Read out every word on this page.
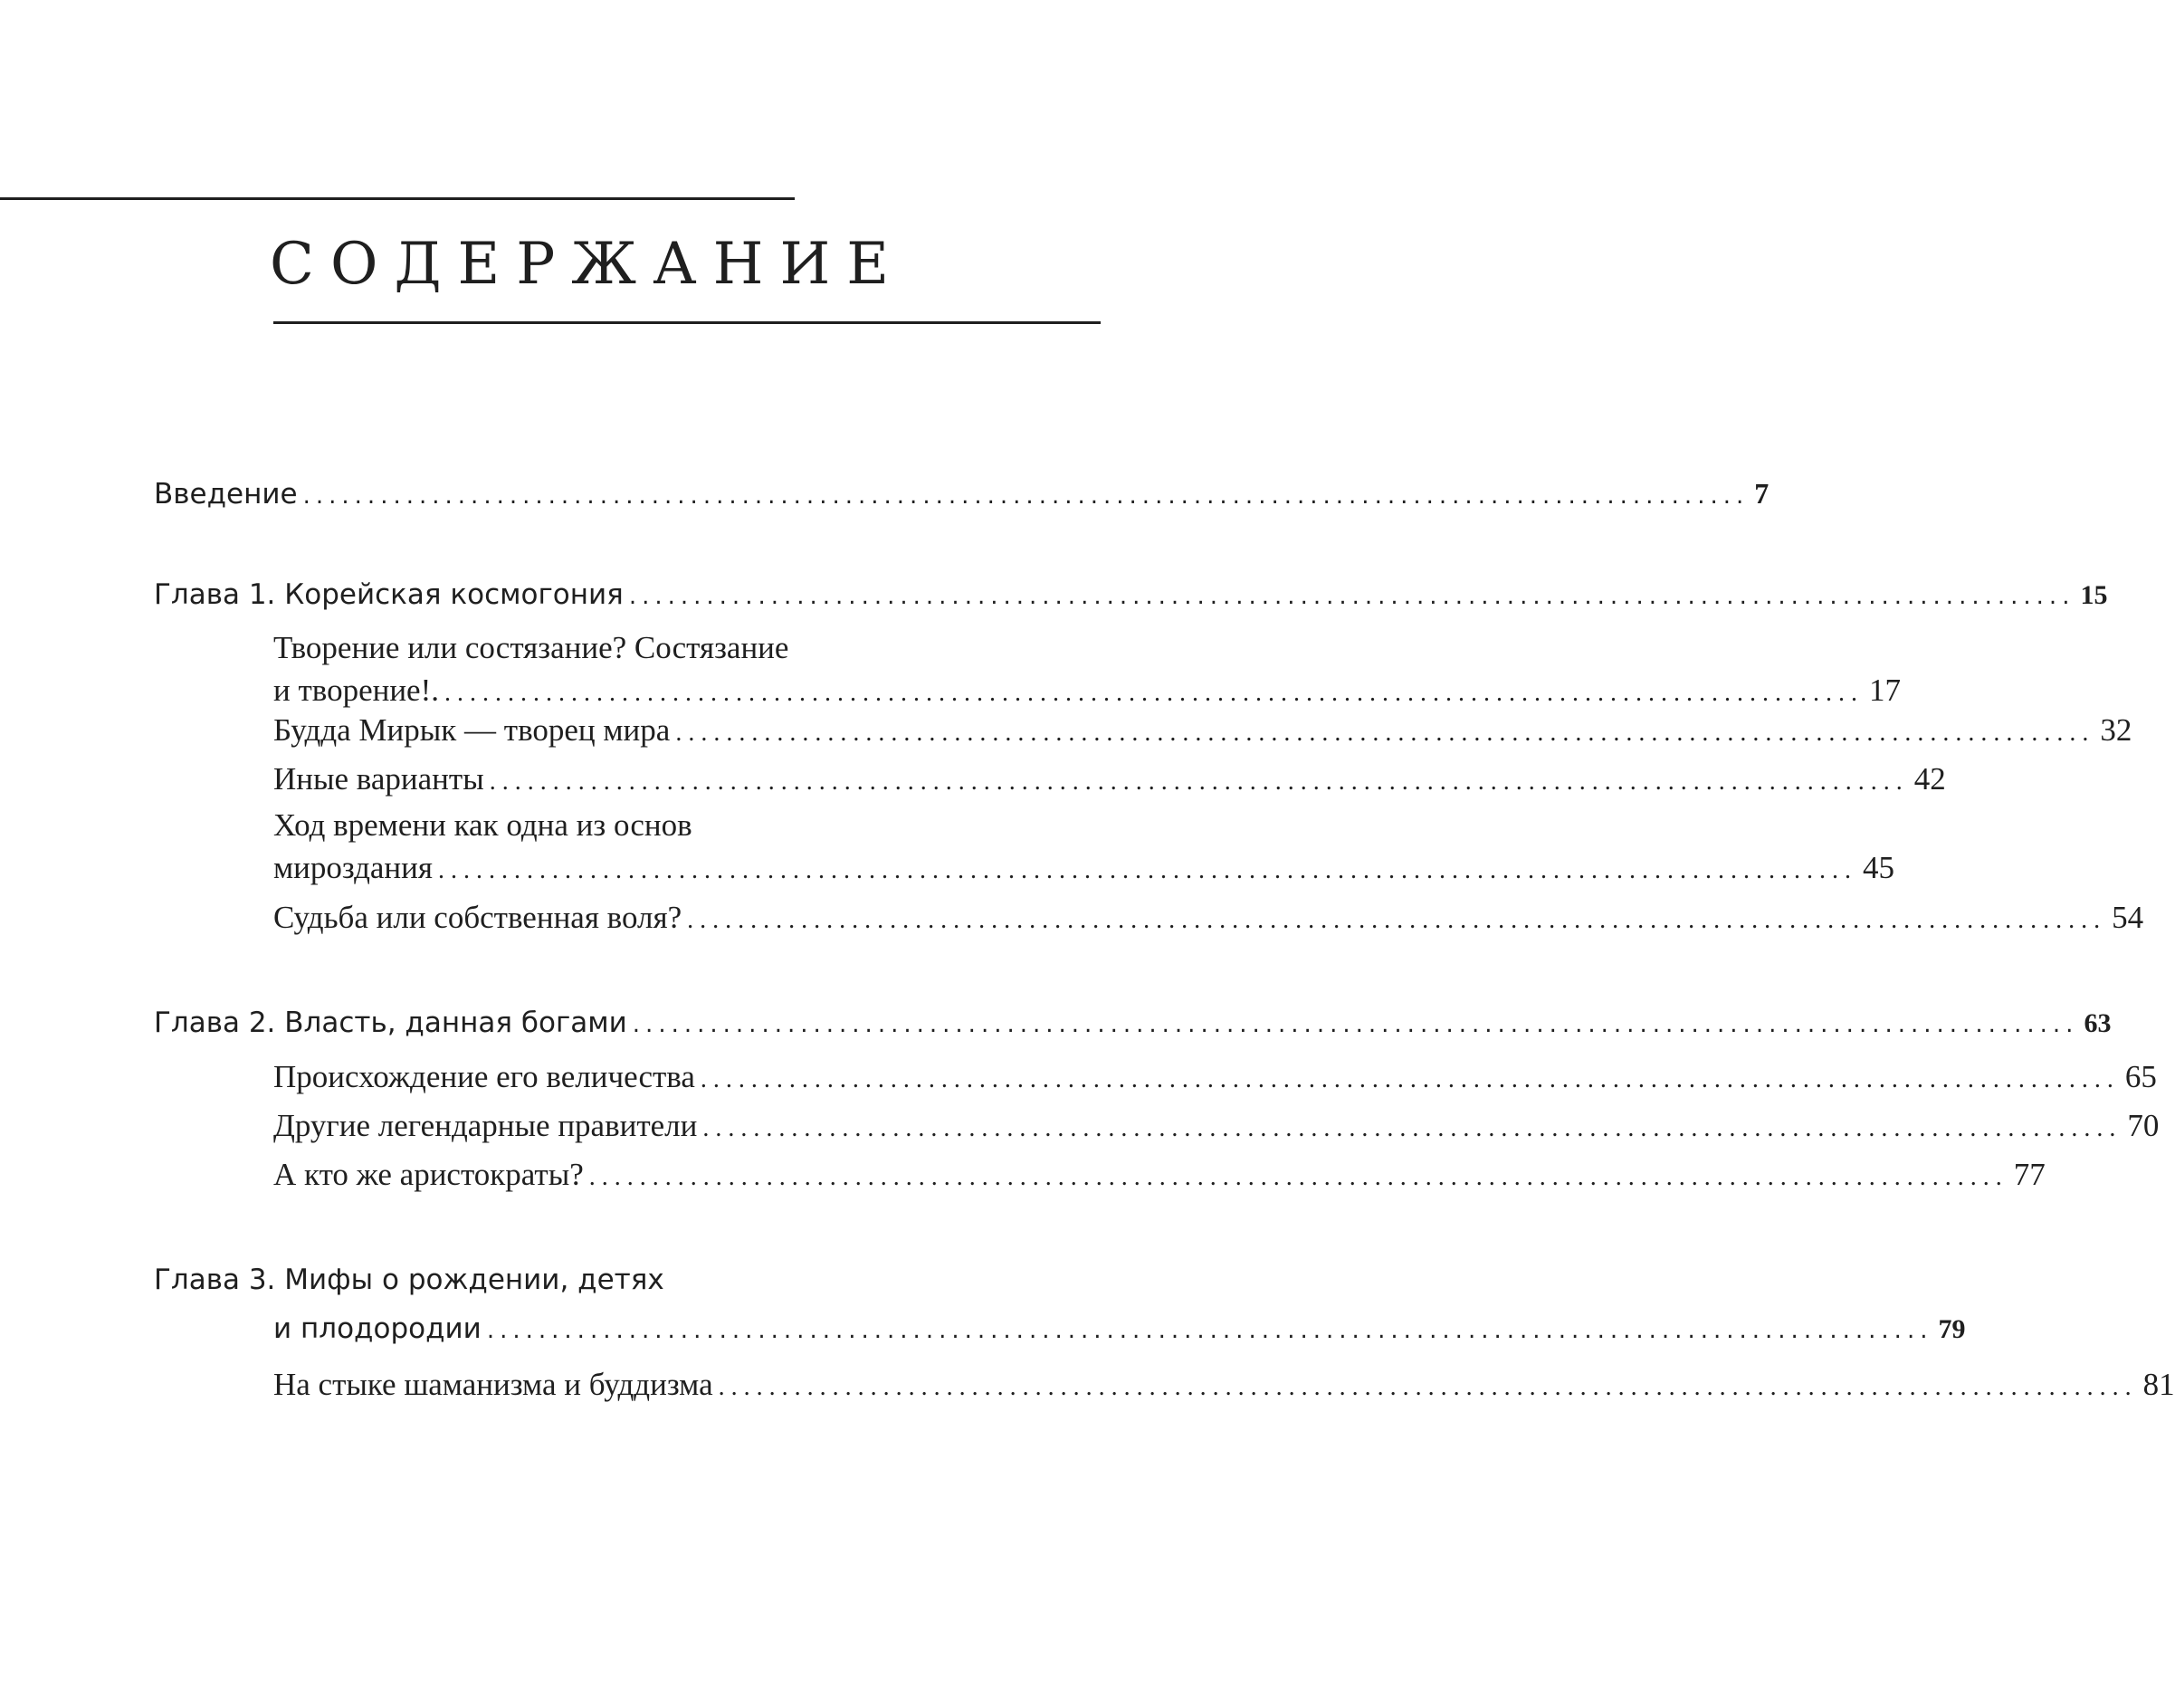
СОДЕРЖАНИЕ
Введение ................................................................................................................ 7
Глава 1. Корейская космогония ................................................................................................................ 15
Творение или состязание? Состязание
и творение!. ................................................................................................................ 17
Будда Мирык — творец мира ................................................................................................................ 32
Иные варианты ................................................................................................................ 42
Ход времени как одна из основ
мироздания ................................................................................................................ 45
Судьба или собственная воля? ................................................................................................................ 54
Глава 2. Власть, данная богами ................................................................................................................ 63
Происхождение его величества ................................................................................................................ 65
Другие легендарные правители ................................................................................................................ 70
А кто же аристократы? ................................................................................................................ 77
Глава 3. Мифы о рождении, детях
и плодородии ................................................................................................................ 79
На стыке шаманизма и буддизма ................................................................................................................ 81
